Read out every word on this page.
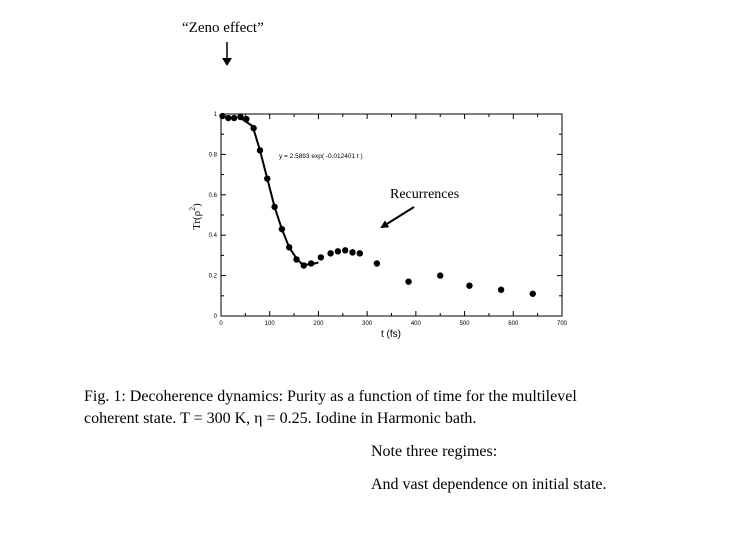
“Zeno effect”
0	100	200	300	400	500	600	700
0
0.2
0.4
0.6
0.8
1
y = 2.5893 exp( -0.012401 t )
t (fs)
$Tr(\rho^2)$
Recurrences
Fig. 1: Decoherence dynamics: Purity as a function of time for the multilevel
coherent state. T = 300 K, η = 0.25. Iodine in Harmonic bath.
Note three regimes:
And vast dependence on initial state.
